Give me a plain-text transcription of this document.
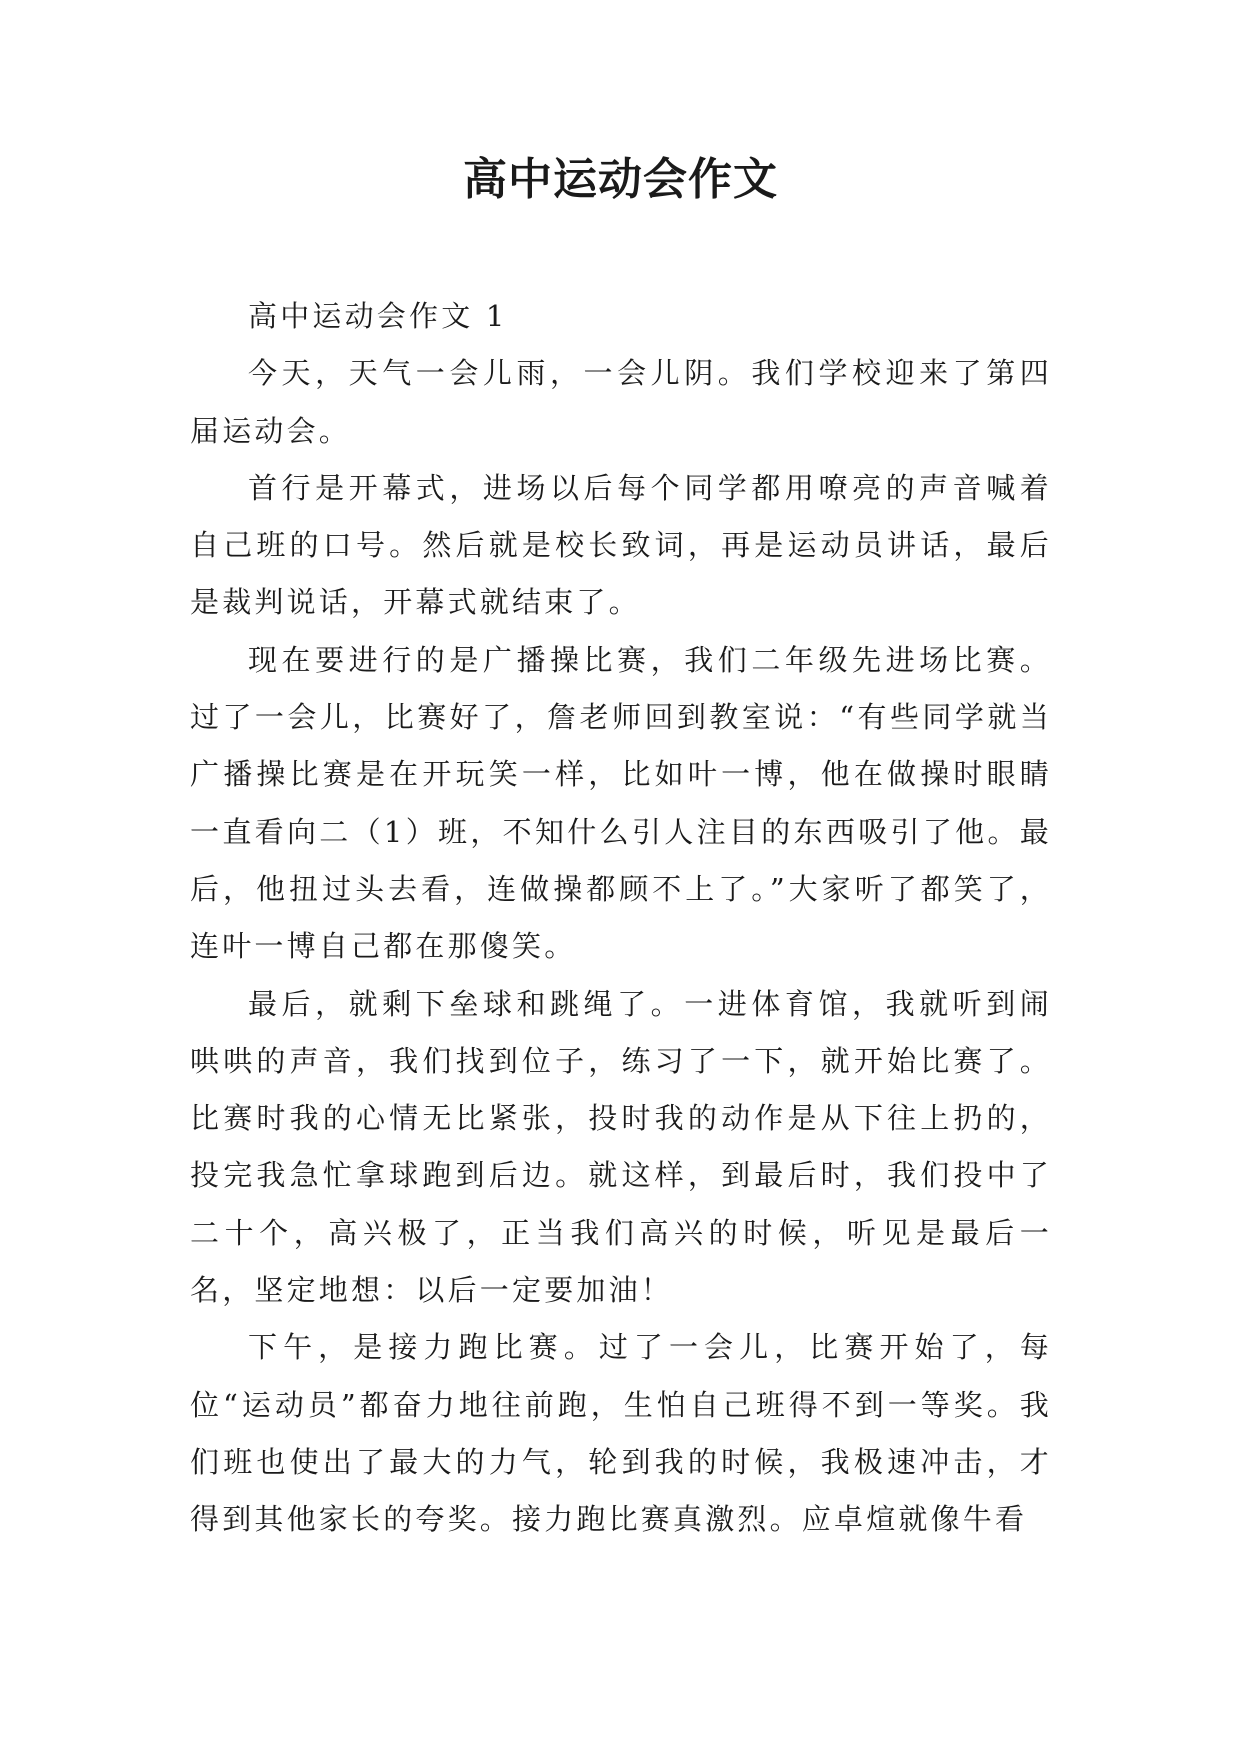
高中运动会作文
高中运动会作文 1

今天，天气一会儿雨，一会儿阴。我们学校迎来了第四届运动会。

首行是开幕式，进场以后每个同学都用嘹亮的声音喊着自己班的口号。然后就是校长致词，再是运动员讲话，最后是裁判说话，开幕式就结束了。

现在要进行的是广播操比赛，我们二年级先进场比赛。过了一会儿，比赛好了，詹老师回到教室说：“有些同学就当广播操比赛是在开玩笑一样，比如叶一博，他在做操时眼睛一直看向二（1）班，不知什么引人注目的东西吸引了他。最后，他扭过头去看，连做操都顾不上了。”大家听了都笑了，连叶一博自己都在那傻笑。

最后，就剩下垒球和跳绳了。一进体育馆，我就听到闹哄哄的声音，我们找到位子，练习了一下，就开始比赛了。比赛时我的心情无比紧张，投时我的动作是从下往上扔的，投完我急忙拿球跑到后边。就这样，到最后时，我们投中了二十个，高兴极了，正当我们高兴的时候，听见是最后一名，坚定地想：以后一定要加油！

下午，是接力跑比赛。过了一会儿，比赛开始了，每位“运动员”都奋力地往前跑，生怕自己班得不到一等奖。我们班也使出了最大的力气，轮到我的时候，我极速冲击，才得到其他家长的夸奖。接力跑比赛真激烈。应卓煊就像牛看
